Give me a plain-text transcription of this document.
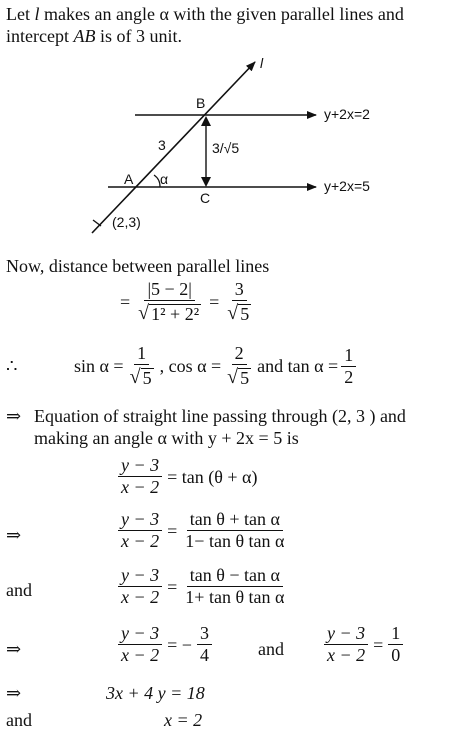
Let l makes an angle α with the given parallel lines and
intercept AB is of 3 unit.
l
B
3	3/√5
A α
C
(2,3)
y+2x=2
y+2x=5
Now, distance between parallel lines
= $\frac{|5 - 2|}{\text{√ 1² + 2²}} = \frac{3}{√ 5}$
∴	$\sin \alpha = \frac{1}{√ 5}$ , $\cos \alpha = \frac{2}{√ 5}$ and $\tan \alpha = \frac{1}{2}$
⇒ Equation of straight line passing through (2, 3 ) and
making an angle α with y + 2x = 5 is
$\frac{y - 3}{x - 2} = \tan (\theta + \alpha)$
⇒	$\frac{y - 3}{x - 2} = \frac{\text{tan θ + tan α}}{\text{1− tan θ tan α}}$
and	$\frac{y - 3}{x - 2} = \frac{\text{tan θ − tan α}}{\text{1+ tan θ tan α}}$
⇒	$\frac{y - 3}{x - 2}$ = − $\frac{3}{4}$	and $\frac{y - 3}{x - 2} = \frac{1}{0}$
⇒	3x + 4 y = 18
and	x = 2
